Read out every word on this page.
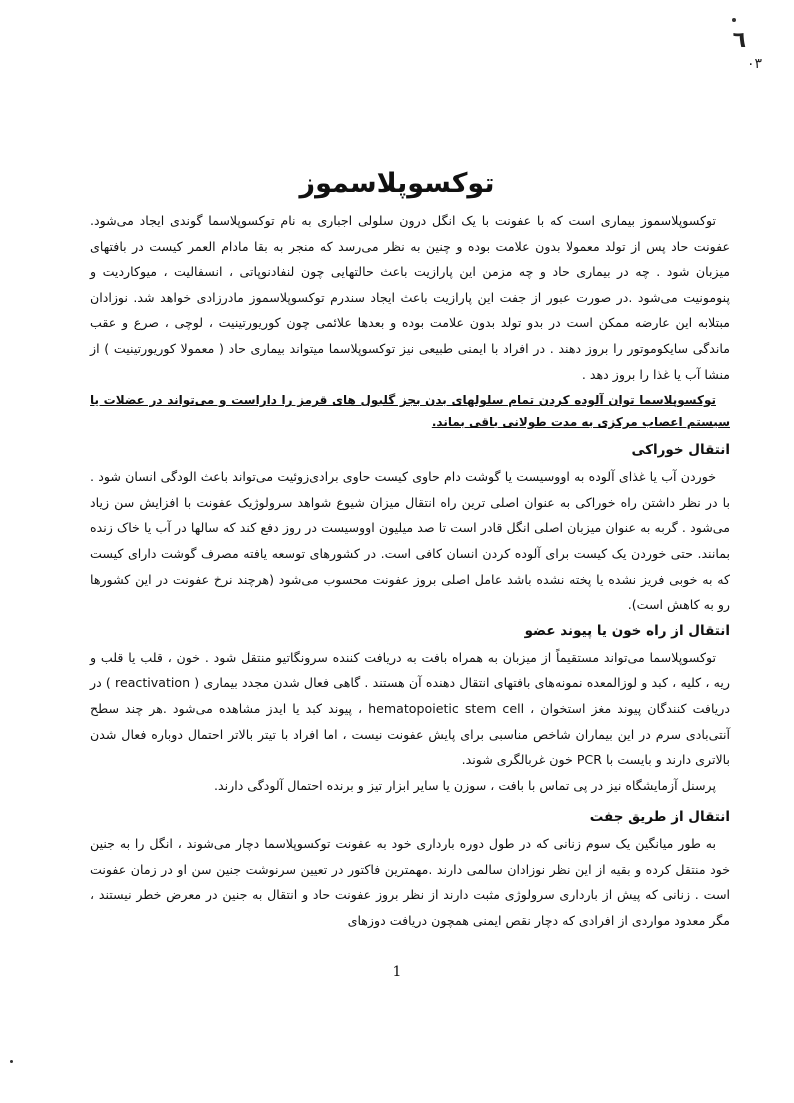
٦
٠٣
توکسوپلاسموز

توکسوپلاسموز بیماری است که با عفونت با یک انگل درون سلولی اجباری به نام توکسوپلاسما گوندی ایجاد می‌شود. عفونت حاد پس از تولد معمولا بدون علامت بوده و چنین به نظر می‌رسد که منجر به بقا مادام العمر کیست در بافتهای میزبان شود . چه در بیماری حاد و چه مزمن این پارازیت باعث حالتهایی چون لنفادنوپاتی ، انسفالیت ، میوکاردیت و پنومونیت می‌شود .در صورت عبور از جفت این پارازیت باعث ایجاد سندرم توکسوپلاسموز مادرزادی خواهد شد. نوزادان مبتلابه این عارضه ممکن است در بدو تولد بدون علامت بوده و بعدها علائمی چون کوریورتینیت ، لوچی ، صرع و عقب ماندگی سایکوموتور را بروز دهند . در افراد با ایمنی طبیعی نیز توکسوپلاسما میتواند بیماری حاد ( معمولا کوریورتینیت ) از منشا آب یا غذا را بروز دهد .

توکسوپلاسما توان آلوده کردن تمام سلولهای بدن بجز گلبول های قرمز را داراست و می‌تواند در عضلات یا سیستم اعصاب مرکزی به مدت طولانی باقی بماند.

انتقال خوراکی

خوردن آب یا غذای آلوده به اووسیست یا گوشت دام حاوی کیست حاوی برادی‌زوئیت می‌تواند باعث الودگی انسان شود . با در نظر داشتن راه خوراکی به عنوان اصلی ترین راه انتقال میزان شیوع شواهد سرولوژیک عفونت با افزایش سن زیاد می‌شود . گربه به عنوان میزبان اصلی انگل قادر است تا صد میلیون اووسیست در روز دفع کند که سالها در آب یا خاک زنده بمانند. حتی خوردن یک کیست برای آلوده کردن انسان کافی است. در کشورهای توسعه یافته مصرف گوشت دارای کیست که به خوبی فریز نشده یا پخته نشده باشد عامل اصلی بروز عفونت محسوب می‌شود (هرچند نرخ عفونت در این کشورها رو به کاهش است).

انتقال از راه خون یا پیوند عضو

توکسوپلاسما می‌تواند مستقیماً از میزبان به همراه بافت به دریافت کننده سرونگاتیو منتقل شود . خون ، قلب یا قلب و ریه ، کلیه ، کبد و لوزالمعده نمونه‌های بافتهای انتقال دهنده آن هستند . گاهی فعال شدن مجدد بیماری ( reactivation ) در دریافت کنندگان پیوند مغز استخوان ، hematopoietic stem cell ، پیوند کبد یا ایدز مشاهده می‌شود .هر چند سطح آنتی‌بادی سرم در این بیماران شاخص مناسبی برای پایش عفونت نیست ، اما افراد با تیتر بالاتر احتمال دوباره فعال شدن بالاتری دارند و بایست با PCR خون غربالگری شوند.

پرسنل آزمایشگاه نیز در پی تماس با بافت ، سوزن یا سایر ابزار تیز و برنده احتمال آلودگی دارند.

انتقال از طریق جفت

به طور میانگین یک سوم زنانی که در طول دوره بارداری خود به عفونت توکسوپلاسما دچار می‌شوند ، انگل را به جنین خود منتقل کرده و بقیه از این نظر نوزادان سالمی دارند .مهمترین فاکتور در تعیین سرنوشت جنین سن او در زمان عفونت است . زنانی که پیش از بارداری سرولوژی مثبت دارند از نظر بروز عفونت حاد و انتقال به جنین در معرض خطر نیستند ، مگر معدود مواردی از افرادی که دچار نقص ایمنی همچون دریافت دوزهای

1
